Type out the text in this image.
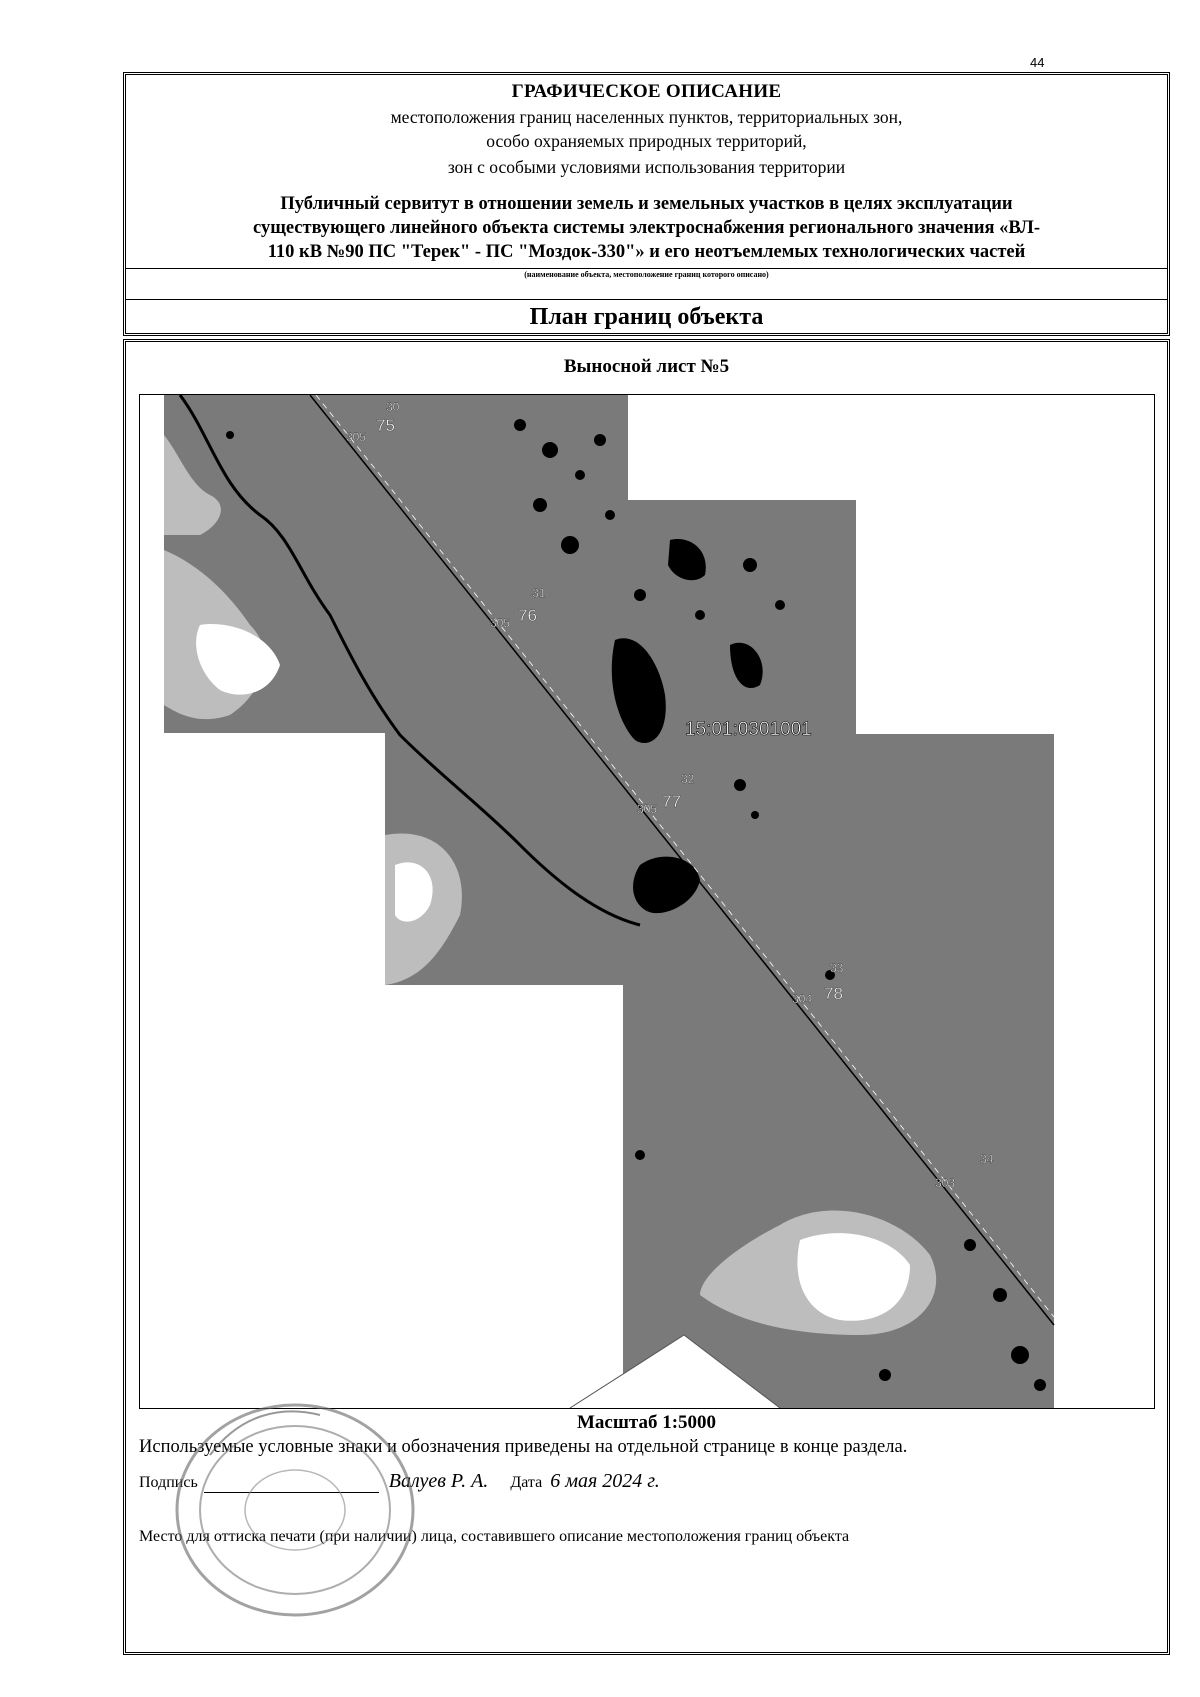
44
ГРАФИЧЕСКОЕ ОПИСАНИЕ
местоположения границ населенных пунктов, территориальных зон,
особо охраняемых природных территорий,
зон с особыми условиями использования территории
Публичный сервитут в отношении земель и земельных участков в целях эксплуатации
существующего линейного объекта системы электроснабжения регионального значения «ВЛ-
110 кВ №90 ПС "Терек" - ПС "Моздок-330"» и его неотъемлемых технологических частей
(наименование объекта, местоположение границ которого описано)
План границ объекта
Выносной лист №5
15:01:0301001
75
30
305
76
31
305
77
32
305
78
33
304
34
303
Масштаб 1:5000
Используемые условные знаки и обозначения приведены на отдельной странице в конце раздела.
Подпись	Валуев Р. А. Дата 6 мая 2024 г.
Место для оттиска печати (при наличии) лица, составившего описание местоположения границ объекта
